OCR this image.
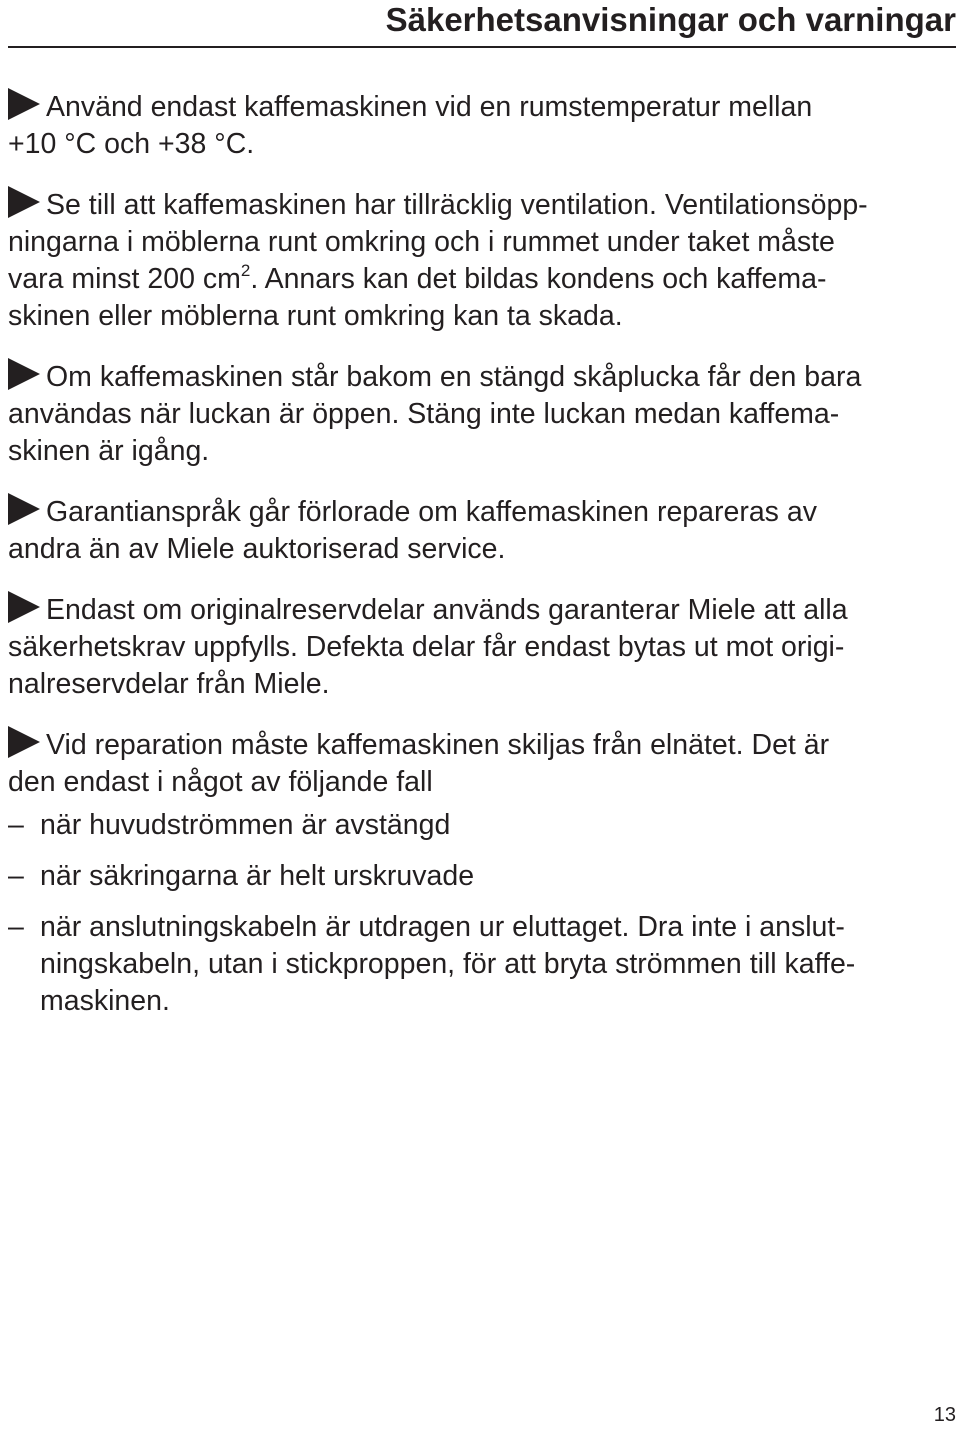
Säkerhetsanvisningar och varningar
Använd endast kaffemaskinen vid en rumstemperatur mellan
+10 °C och +38 °C.
Se till att kaffemaskinen har tillräcklig ventilation. Ventilationsöpp-
ningarna i möblerna runt omkring och i rummet under taket måste
vara minst 200 $cm^2$. Annars kan det bildas kondens och kaffema-
skinen eller möblerna runt omkring kan ta skada.
Om kaffemaskinen står bakom en stängd skåplucka får den bara
användas när luckan är öppen. Stäng inte luckan medan kaffema-
skinen är igång.
Garantianspråk går förlorade om kaffemaskinen repareras av
andra än av Miele auktoriserad service.
Endast om originalreservdelar används garanterar Miele att alla
säkerhetskrav uppfylls. Defekta delar får endast bytas ut mot origi-
nalreservdelar från Miele.
Vid reparation måste kaffemaskinen skiljas från elnätet. Det är
den endast i något av följande fall
– när huvudströmmen är avstängd
– när säkringarna är helt urskruvade
– när anslutningskabeln är utdragen ur eluttaget. Dra inte i anslut-
ningskabeln, utan i stickproppen, för att bryta strömmen till kaffe-
maskinen.
13
